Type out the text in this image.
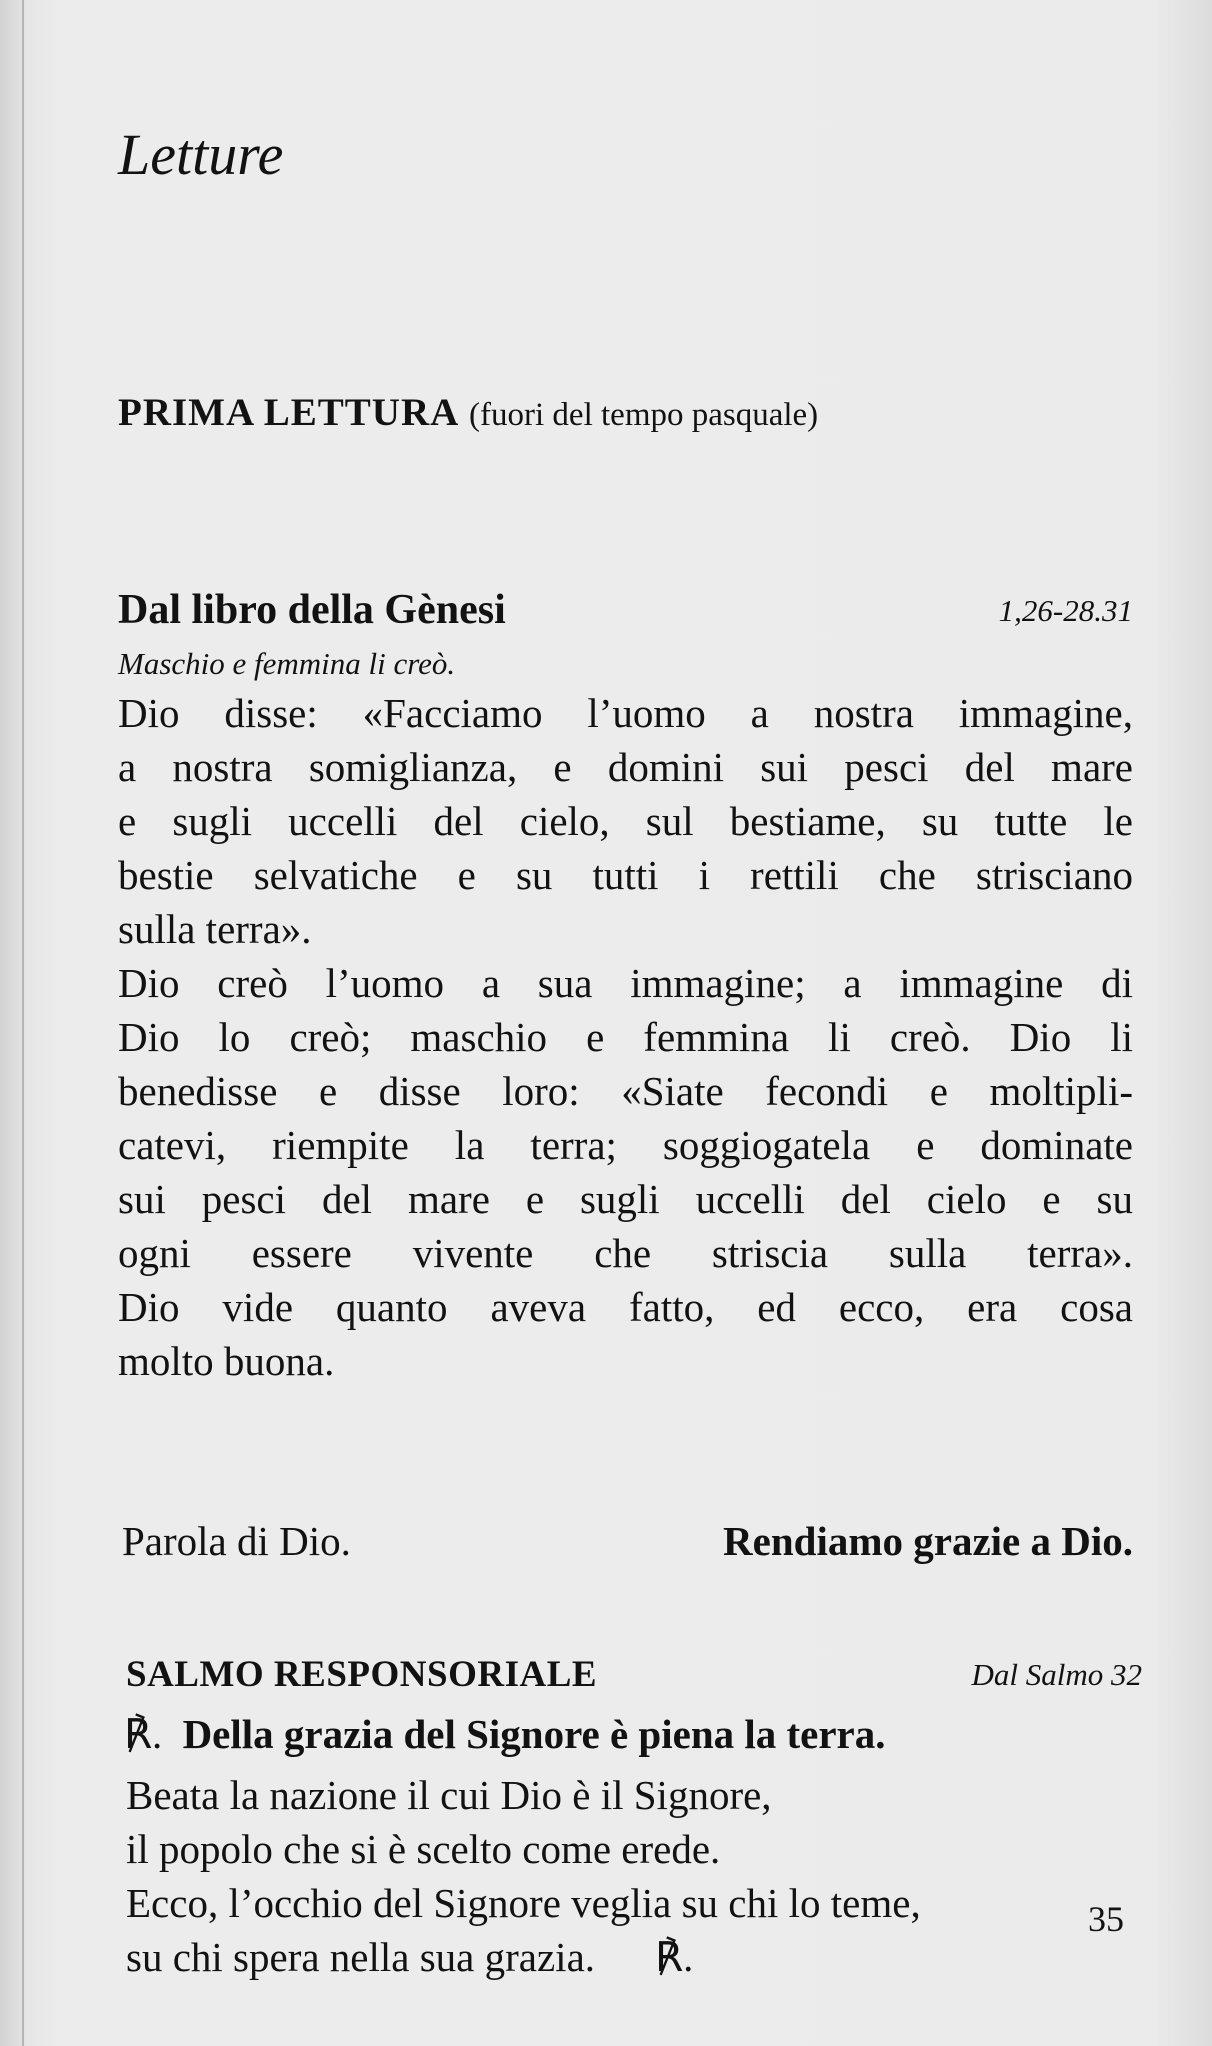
Letture
PRIMA LETTURA (fuori del tempo pasquale)
Dal libro della Gènesi	1,26-28.31
Maschio e femmina li creò.
Dio disse: «Facciamo l’uomo a nostra immagine,
a nostra somiglianza, e domini sui pesci del mare
e sugli uccelli del cielo, sul bestiame, su tutte le
bestie selvatiche e su tutti i rettili che strisciano
sulla terra».
Dio creò l’uomo a sua immagine; a immagine di
Dio lo creò; maschio e femmina li creò. Dio li
benedisse e disse loro: «Siate fecondi e moltipli-
catevi, riempite la terra; soggiogatela e dominate
sui pesci del mare e sugli uccelli del cielo e su
ogni essere vivente che striscia sulla terra».
Dio vide quanto aveva fatto, ed ecco, era cosa
molto buona.
Parola di Dio.	Rendiamo grazie a Dio.
SALMO RESPONSORIALE	Dal Salmo 32
℟. Della grazia del Signore è piena la terra.
Beata la nazione il cui Dio è il Signore,
il popolo che si è scelto come erede.
Ecco, l’occhio del Signore veglia su chi lo teme,
su chi spera nella sua grazia. ℟.
35
